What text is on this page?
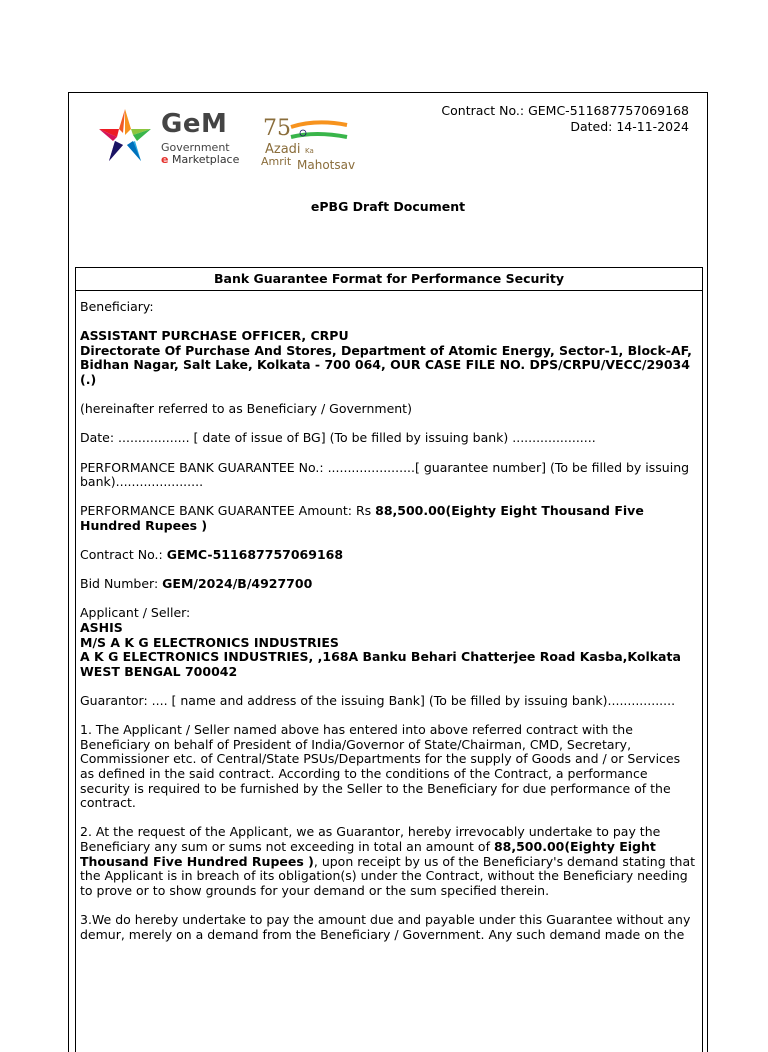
GeM
Government
e Marketplace
75
Azadi Ka
Amrit Mahotsav
Contract No.: GEMC-511687757069168
Dated: 14-11-2024
ePBG Draft Document
Bank Guarantee Format for Performance Security

Beneficiary:

ASSISTANT PURCHASE OFFICER, CRPU
Directorate Of Purchase And Stores, Department of Atomic Energy, Sector-1, Block-AF, Bidhan Nagar, Salt Lake, Kolkata - 700 064, OUR CASE FILE NO. DPS/CRPU/VECC/29034 (.)

(hereinafter referred to as Beneficiary / Government)

Date: .................. [ date of issue of BG] (To be filled by issuing bank) .....................

PERFORMANCE BANK GUARANTEE No.: ......................[ guarantee number] (To be filled by issuing bank)......................

PERFORMANCE BANK GUARANTEE Amount: Rs 88,500.00(Eighty Eight Thousand Five Hundred Rupees )

Contract No.: GEMC-511687757069168

Bid Number: GEM/2024/B/4927700

Applicant / Seller:
ASHIS
M/S A K G ELECTRONICS INDUSTRIES
A K G ELECTRONICS INDUSTRIES, ,168A Banku Behari Chatterjee Road Kasba,Kolkata WEST BENGAL 700042

Guarantor: .... [ name and address of the issuing Bank] (To be filled by issuing bank).................

1. The Applicant / Seller named above has entered into above referred contract with the Beneficiary on behalf of President of India/Governor of State/Chairman, CMD, Secretary, Commissioner etc. of Central/State PSUs/Departments for the supply of Goods and / or Services as defined in the said contract. According to the conditions of the Contract, a performance security is required to be furnished by the Seller to the Beneficiary for due performance of the contract.

2. At the request of the Applicant, we as Guarantor, hereby irrevocably undertake to pay the Beneficiary any sum or sums not exceeding in total an amount of 88,500.00(Eighty Eight Thousand Five Hundred Rupees ), upon receipt by us of the Beneficiary's demand stating that the Applicant is in breach of its obligation(s) under the Contract, without the Beneficiary needing to prove or to show grounds for your demand or the sum specified therein.

3.We do hereby undertake to pay the amount due and payable under this Guarantee without any demur, merely on a demand from the Beneficiary / Government. Any such demand made on the
